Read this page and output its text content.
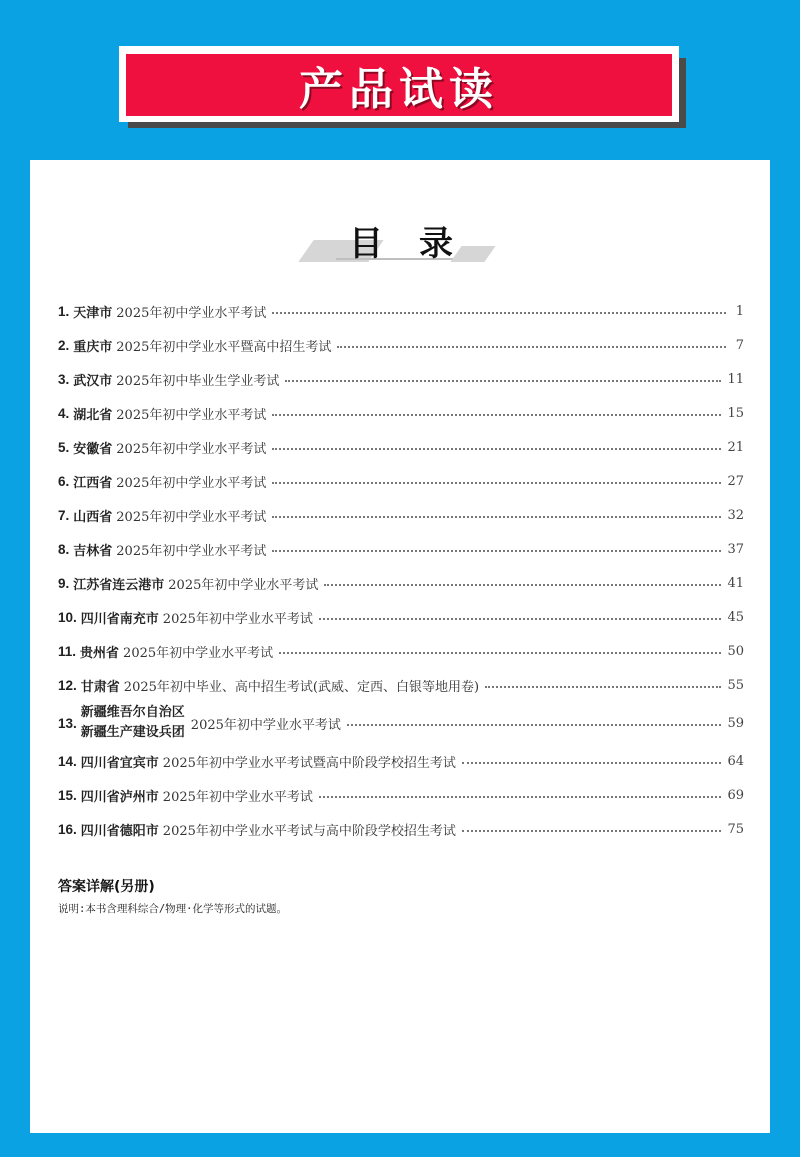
产品试读
目录
1. 天津市 2025年初中学业水平考试	1
2. 重庆市 2025年初中学业水平暨高中招生考试	7
3. 武汉市 2025年初中毕业生学业考试	11
4. 湖北省 2025年初中学业水平考试	15
5. 安徽省 2025年初中学业水平考试	21
6. 江西省 2025年初中学业水平考试	27
7. 山西省 2025年初中学业水平考试	32
8. 吉林省 2025年初中学业水平考试	37
9. 江苏省连云港市 2025年初中学业水平考试	41
10. 四川省南充市 2025年初中学业水平考试	45
11. 贵州省 2025年初中学业水平考试	50
12. 甘肃省 2025年初中毕业、高中招生考试(武威、定西、白银等地用卷)	55
13.
新疆维吾尔自治区
新疆生产建设兵团 2025年初中学业水平考试	59
14. 四川省宜宾市 2025年初中学业水平考试暨高中阶段学校招生考试	64
15. 四川省泸州市 2025年初中学业水平考试	69
16. 四川省德阳市 2025年初中学业水平考试与高中阶段学校招生考试	75
答案详解(另册)
说明:本书含理科综合/物理·化学等形式的试题。
